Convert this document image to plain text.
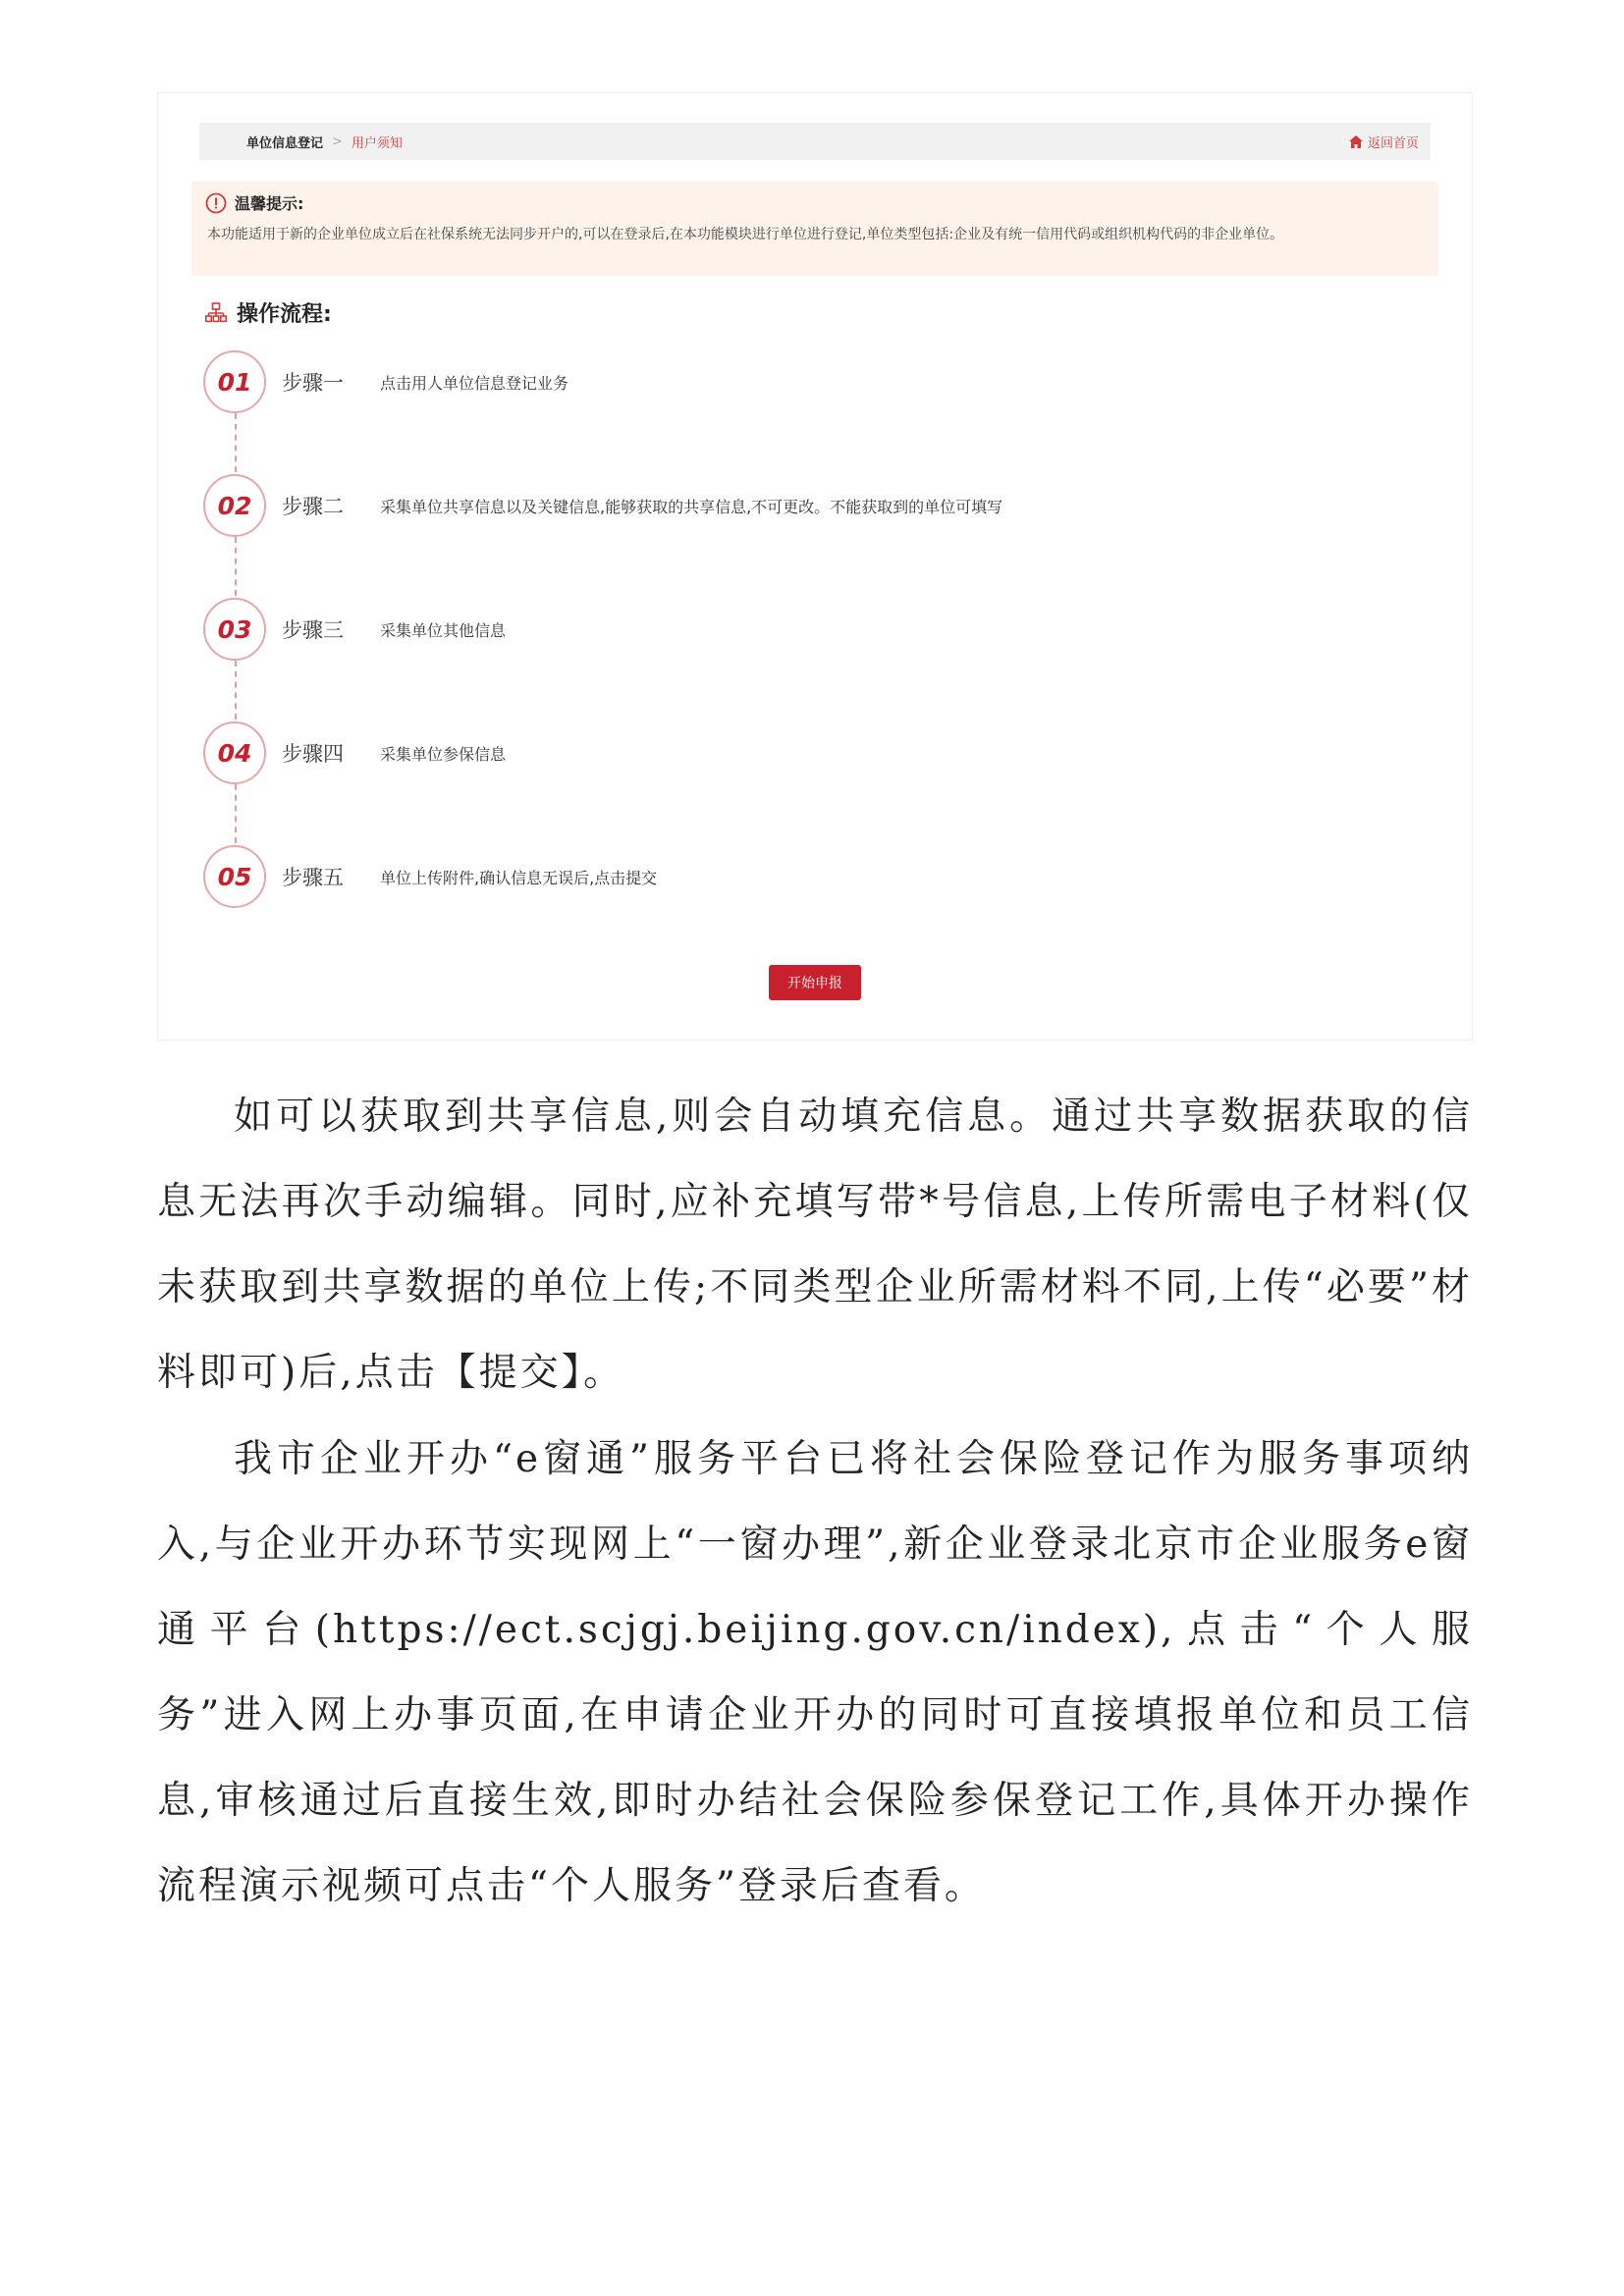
单位信息登记 > 用户须知	返回首页
温馨提示:
本功能适用于新的企业单位成立后在社保系统无法同步开户的,可以在登录后,在本功能模块进行单位进行登记,单位类型包括:企业及有统一信用代码或组织机构代码的非企业单位。
操作流程:
01	步骤一	点击用人单位信息登记业务
02	步骤二	采集单位共享信息以及关键信息,能够获取的共享信息,不可更改。不能获取到的单位可填写
03	步骤三	采集单位其他信息
04	步骤四	采集单位参保信息
05	步骤五	单位上传附件,确认信息无误后,点击提交
开始申报

如可以获取到共享信息,则会自动填充信息。通过共享数据获取的信息无法再次手动编辑。同时,应补充填写带*号信息,上传所需电子材料(仅未获取到共享数据的单位上传;不同类型企业所需材料不同,上传“必要”材料即可)后,点击【提交】。

我市企业开办“e窗通”服务平台已将社会保险登记作为服务事项纳入,与企业开办环节实现网上“一窗办理”,新企业登录北京市企业服务e窗通平台(https://ect.scjgj.beijing.gov.cn/index),点击“个人服务”进入网上办事页面,在申请企业开办的同时可直接填报单位和员工信息,审核通过后直接生效,即时办结社会保险参保登记工作,具体开办操作流程演示视频可点击“个人服务”登录后查看。
